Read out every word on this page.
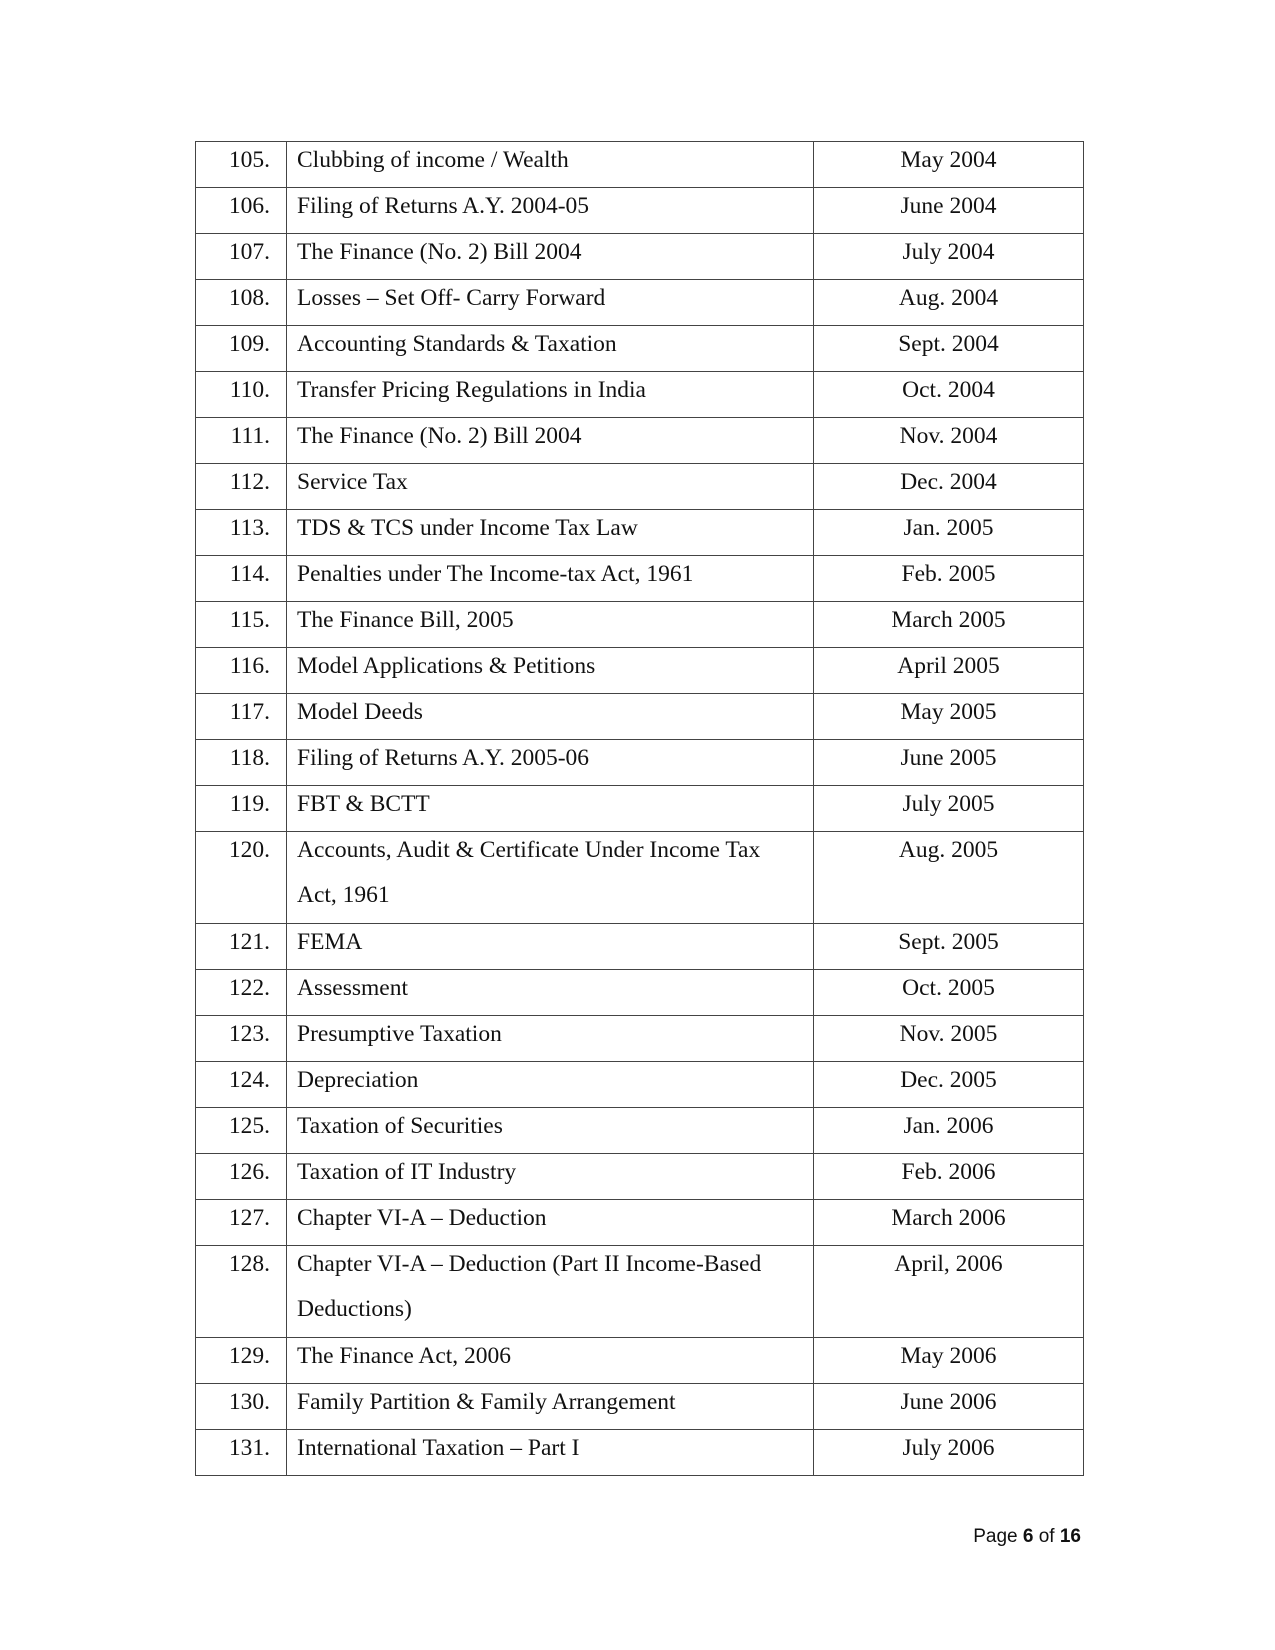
105.	Clubbing of income / Wealth	May 2004
106.	Filing of Returns A.Y. 2004-05	June 2004
107.	The Finance (No. 2) Bill 2004	July 2004
108.	Losses – Set Off- Carry Forward	Aug. 2004
109.	Accounting Standards & Taxation	Sept. 2004
110.	Transfer Pricing Regulations in India	Oct. 2004
111.	The Finance (No. 2) Bill 2004	Nov. 2004
112.	Service Tax	Dec. 2004
113.	TDS & TCS under Income Tax Law	Jan. 2005
114.	Penalties under The Income-tax Act, 1961	Feb. 2005
115.	The Finance Bill, 2005	March 2005
116.	Model Applications & Petitions	April 2005
117.	Model Deeds	May 2005
118.	Filing of Returns A.Y. 2005-06	June 2005
119.	FBT & BCTT	July 2005
120.	Accounts, Audit & Certificate Under Income Tax Act, 1961	Aug. 2005
121.	FEMA	Sept. 2005
122.	Assessment	Oct. 2005
123.	Presumptive Taxation	Nov. 2005
124.	Depreciation	Dec. 2005
125.	Taxation of Securities	Jan. 2006
126.	Taxation of IT Industry	Feb. 2006
127.	Chapter VI-A – Deduction	March 2006
128.	Chapter VI-A – Deduction (Part II Income-Based Deductions)	April, 2006
129.	The Finance Act, 2006	May 2006
130.	Family Partition & Family Arrangement	June 2006
131.	International Taxation – Part I	July 2006
Page 6 of 16
